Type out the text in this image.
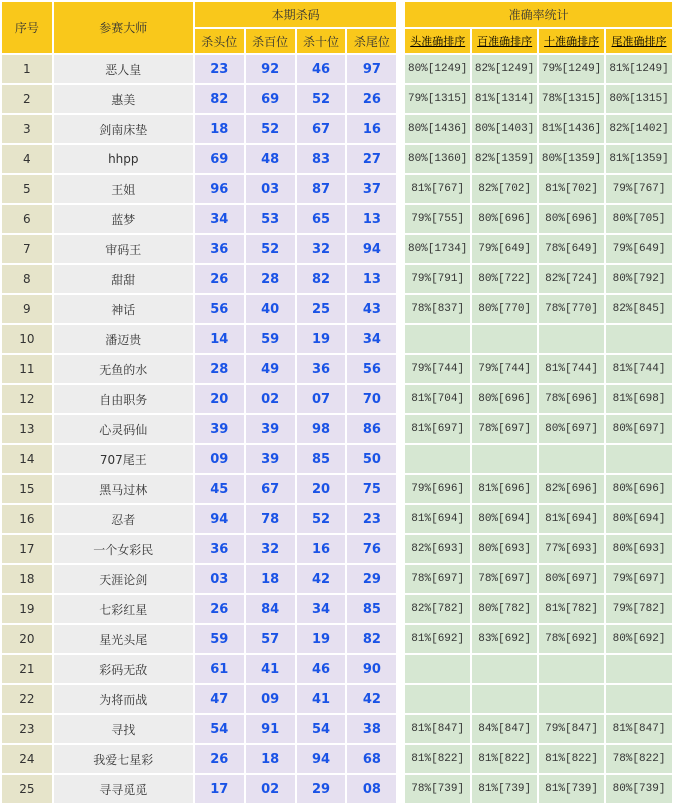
序号	参赛大师	本期杀码					准确率统计			
		杀头位	杀百位	杀十位	杀尾位		头准确排序	百准确排序	十准确排序	尾准确排序
1	恶人皇	23	92	46	97		80%[1249]	82%[1249]	79%[1249]	81%[1249]
2	惠美	82	69	52	26		79%[1315]	81%[1314]	78%[1315]	80%[1315]
3	剑南床垫	18	52	67	16		80%[1436]	80%[1403]	81%[1436]	82%[1402]
4	hhpp	69	48	83	27		80%[1360]	82%[1359]	80%[1359]	81%[1359]
5	王姐	96	03	87	37		81%[767]	82%[702]	81%[702]	79%[767]
6	蓝梦	34	53	65	13		79%[755]	80%[696]	80%[696]	80%[705]
7	审码王	36	52	32	94		80%[1734]	79%[649]	78%[649]	79%[649]
8	甜甜	26	28	82	13		79%[791]	80%[722]	82%[724]	80%[792]
9	神话	56	40	25	43		78%[837]	80%[770]	78%[770]	82%[845]
10	潘迈贵	14	59	19	34					
11	无鱼的水	28	49	36	56		79%[744]	79%[744]	81%[744]	81%[744]
12	自由职务	20	02	07	70		81%[704]	80%[696]	78%[696]	81%[698]
13	心灵码仙	39	39	98	86		81%[697]	78%[697]	80%[697]	80%[697]
14	707尾王	09	39	85	50					
15	黑马过林	45	67	20	75		79%[696]	81%[696]	82%[696]	80%[696]
16	忍者	94	78	52	23		81%[694]	80%[694]	81%[694]	80%[694]
17	一个女彩民	36	32	16	76		82%[693]	80%[693]	77%[693]	80%[693]
18	天涯论剑	03	18	42	29		78%[697]	78%[697]	80%[697]	79%[697]
19	七彩红星	26	84	34	85		82%[782]	80%[782]	81%[782]	79%[782]
20	星光头尾	59	57	19	82		81%[692]	83%[692]	78%[692]	80%[692]
21	彩码无敌	61	41	46	90					
22	为将而战	47	09	41	42					
23	寻找	54	91	54	38		81%[847]	84%[847]	79%[847]	81%[847]
24	我爱七星彩	26	18	94	68		81%[822]	81%[822]	81%[822]	78%[822]
25	寻寻觅觅	17	02	29	08		78%[739]	81%[739]	81%[739]	80%[739]
